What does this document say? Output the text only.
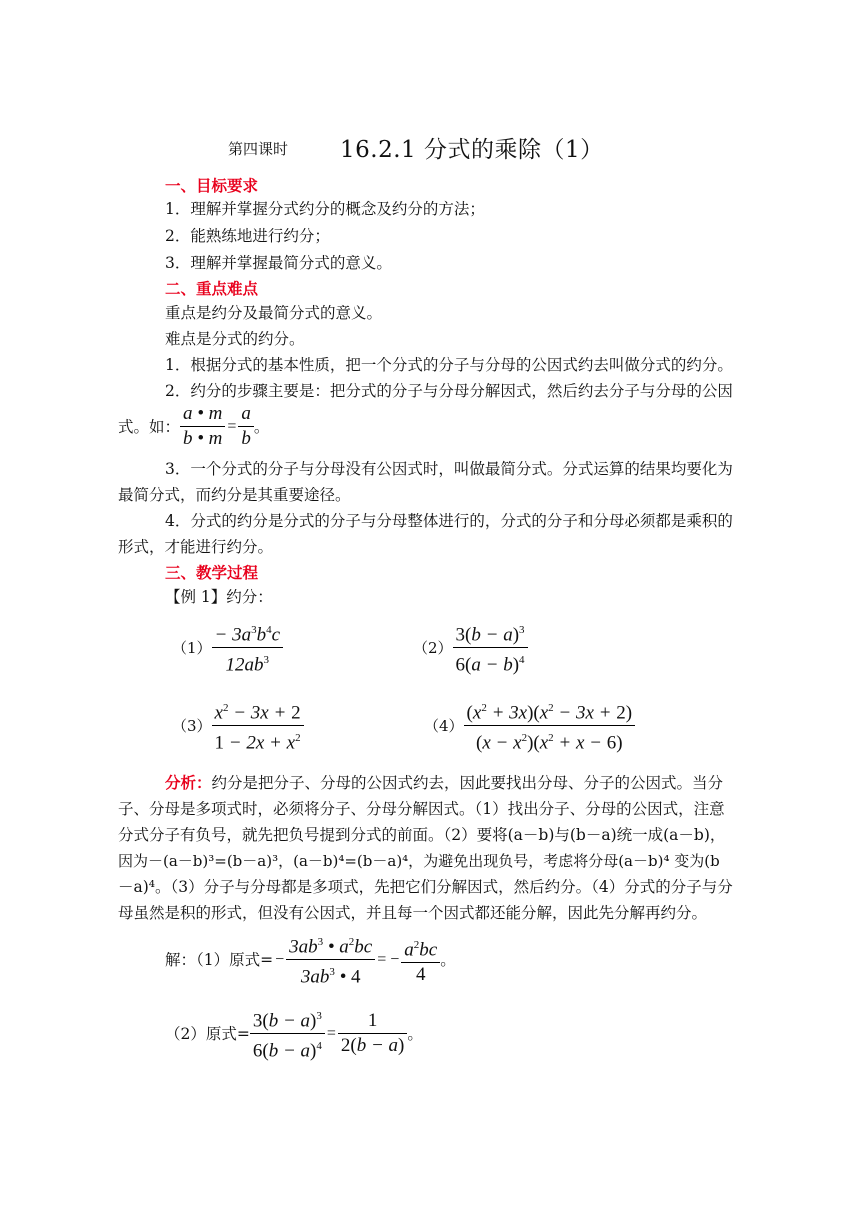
第四课时 16.2.1 分式的乘除（1）
一、目标要求
1．理解并掌握分式约分的概念及约分的方法；
2．能熟练地进行约分；
3．理解并掌握最简分式的意义。
二、重点难点
重点是约分及最简分式的意义。
难点是分式的约分。
1．根据分式的基本性质，把一个分式的分子与分母的公因式约去叫做分式的约分。
2．约分的步骤主要是：把分式的分子与分母分解因式，然后约去分子与分母的公因
式。如： $\frac{a • m}{b • m} = \frac{a}{b}$ 。
3．一个分式的分子与分母没有公因式时，叫做最简分式。分式运算的结果均要化为
最简分式，而约分是其重要途径。
4．分式的约分是分式的分子与分母整体进行的，分式的分子和分母必须都是乘积的
形式，才能进行约分。
三、教学过程
【例 1】约分：
$(1) \frac{- 3a^3b^4c}{12ab^3}$	$(2) \frac{3(b - a)^3}{6(a - b)^4}$
$(3) \frac{x^2 - 3x + 2}{1 - 2x + x^2}$	$(4) \frac{(x^2 + 3x)(x^2 - 3x + 2)}{(x - x^2)(x^2 + x - 6)}$
分析：约分是把分子、分母的公因式约去，因此要找出分母、分子的公因式。当分
子、分母是多项式时，必须将分子、分母分解因式。（1）找出分子、分母的公因式，注意
分式分子有负号，就先把负号提到分式的前面。（2）要将(a－b)与(b－a)统一成(a－b)，
因为－(a－b)³=(b－a)³，(a－b)⁴=(b－a)⁴，为避免出现负号，考虑将分母(a－b)⁴ 变为(b
－a)⁴。（3）分子与分母都是多项式，先把它们分解因式，然后约分。（4）分式的分子与分
母虽然是积的形式，但没有公因式，并且每一个因式都还能分解，因此先分解再约分。
解：（1）原式= − $\frac{3ab^3 • a^2bc}{3ab^3 • 4}$ = − $\frac{a^2bc}{4}$ 。
（2）原式= $\frac{3(b - a)^3}{6(b - a)^4} = \frac{1}{2(b - a)}$ 。
